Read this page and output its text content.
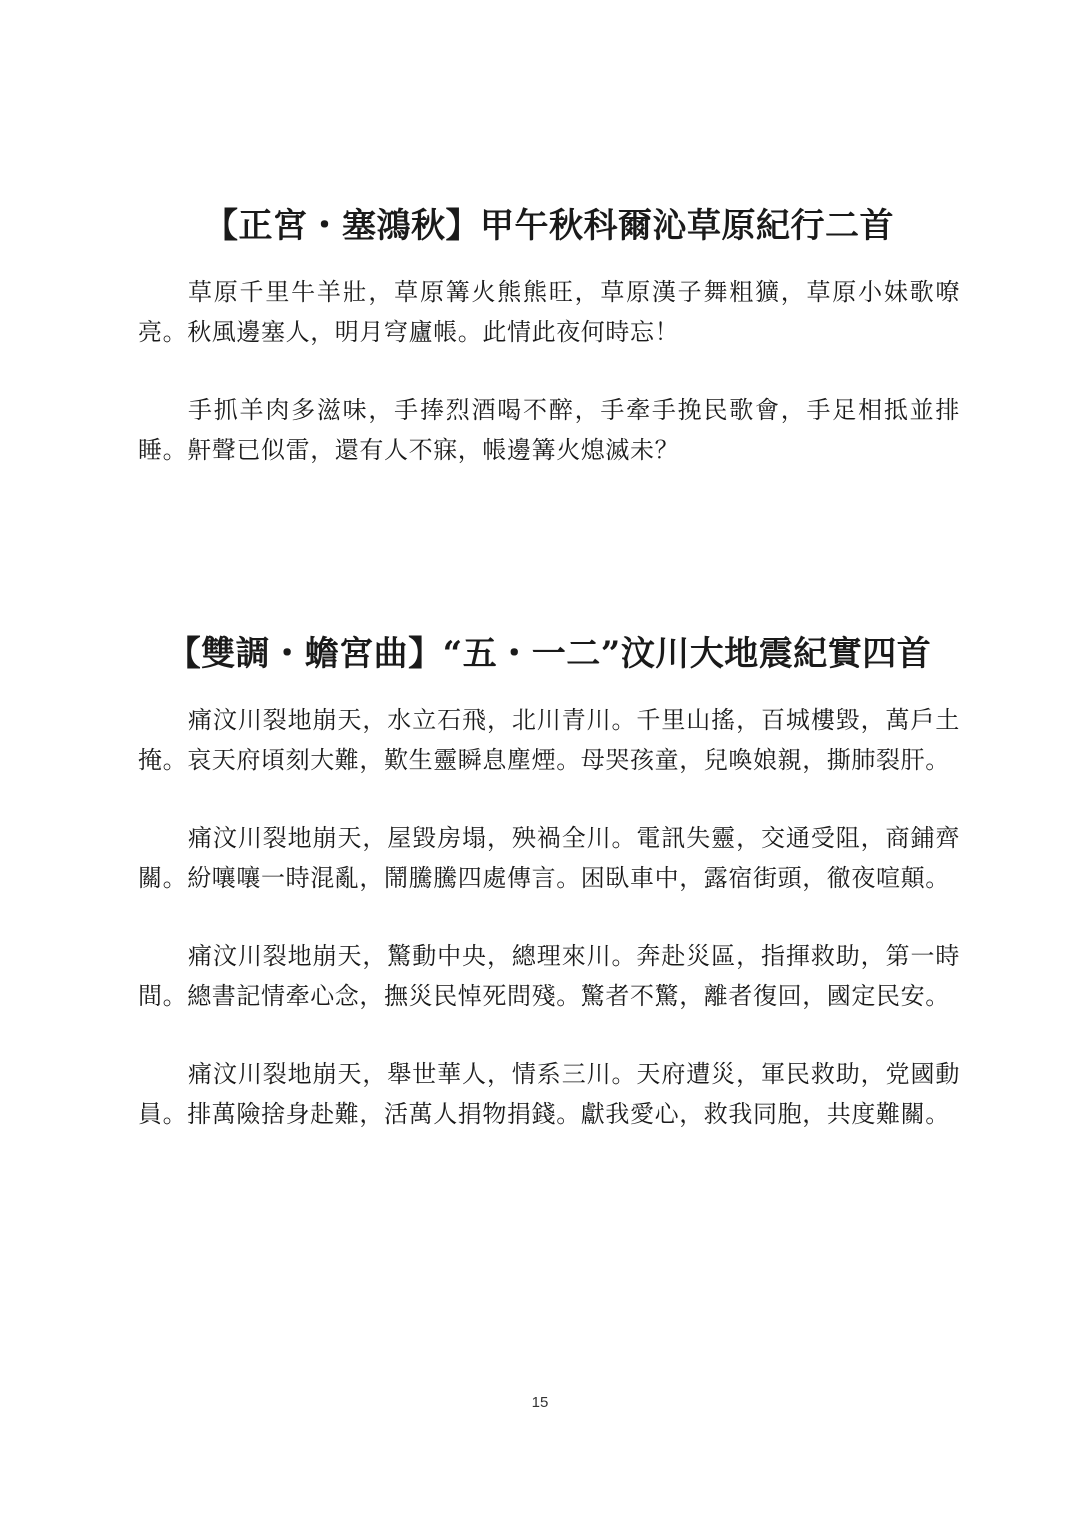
【正宮・塞鴻秋】甲午秋科爾沁草原紀行二首

草原千里牛羊壯，草原篝火熊熊旺，草原漢子舞粗獷，草原小妹歌嘹亮。秋風邊塞人，明月穹廬帳。此情此夜何時忘！

手抓羊肉多滋味，手捧烈酒喝不醉，手牽手挽民歌會，手足相抵並排睡。鼾聲已似雷，還有人不寐，帳邊篝火熄滅未？

【雙調・蟾宮曲】“五・一二”汶川大地震紀實四首

痛汶川裂地崩天，水立石飛，北川青川。千里山搖，百城樓毀，萬戶土掩。哀天府頃刻大難，歎生靈瞬息塵煙。母哭孩童，兒喚娘親，撕肺裂肝。

痛汶川裂地崩天，屋毀房塌，殃禍全川。電訊失靈，交通受阻，商鋪齊關。紛嚷嚷一時混亂，鬧騰騰四處傳言。困臥車中，露宿街頭，徹夜喧顛。

痛汶川裂地崩天，驚動中央，總理來川。奔赴災區，指揮救助，第一時間。總書記情牽心念，撫災民悼死問殘。驚者不驚，離者復回，國定民安。

痛汶川裂地崩天，舉世華人，情系三川。天府遭災，軍民救助，党國動員。排萬險捨身赴難，活萬人捐物捐錢。獻我愛心，救我同胞，共度難關。

15
